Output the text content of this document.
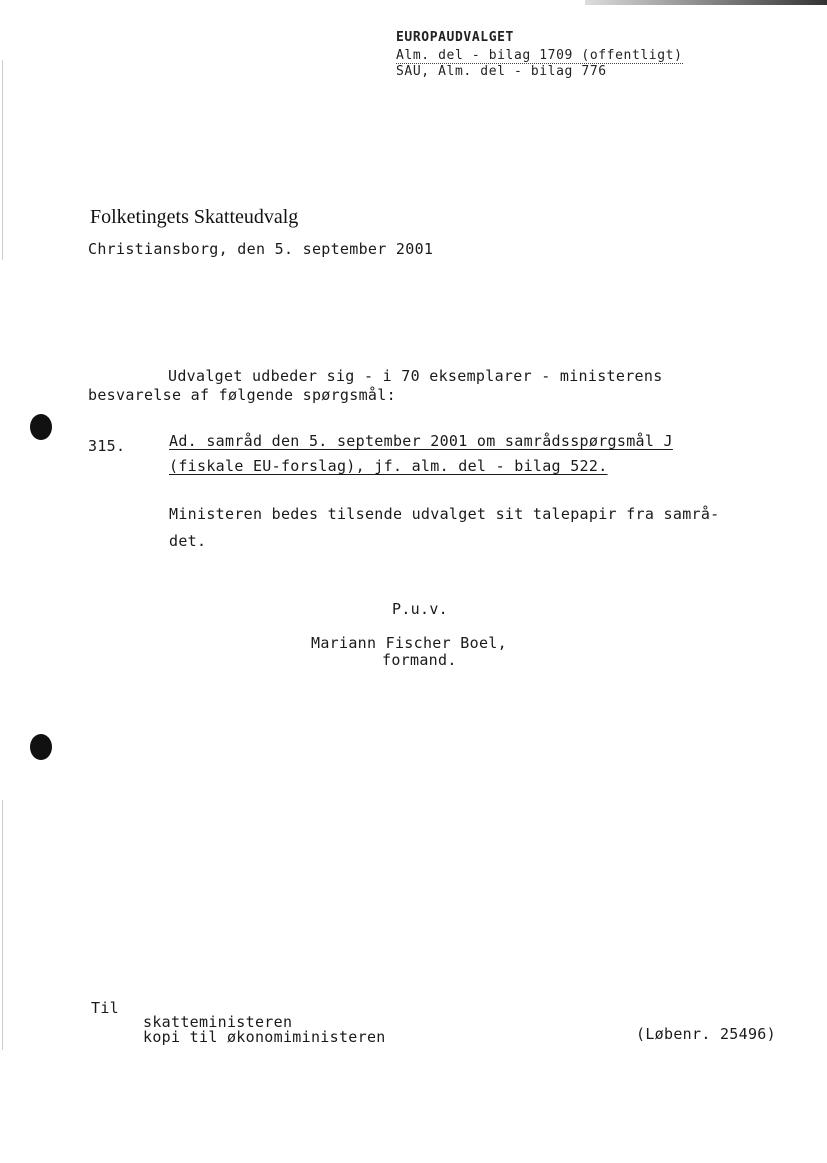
EUROPAUDVALGET
Alm. del - bilag 1709 (offentligt)
SAU, Alm. del - bilag 776
Folketingets Skatteudvalg
Christiansborg, den 5. september 2001
Udvalget udbeder sig - i 70 eksemplarer - ministerens
besvarelse af følgende spørgsmål:
315.	Ad. samråd den 5. september 2001 om samrådsspørgsmål J
(fiskale EU-forslag), jf. alm. del - bilag 522.
Ministeren bedes tilsende udvalget sit talepapir fra samrå-
det.
P.u.v.
Mariann Fischer Boel,
formand.
Til
skatteministeren
kopi til økonomiministeren	(Løbenr. 25496)
